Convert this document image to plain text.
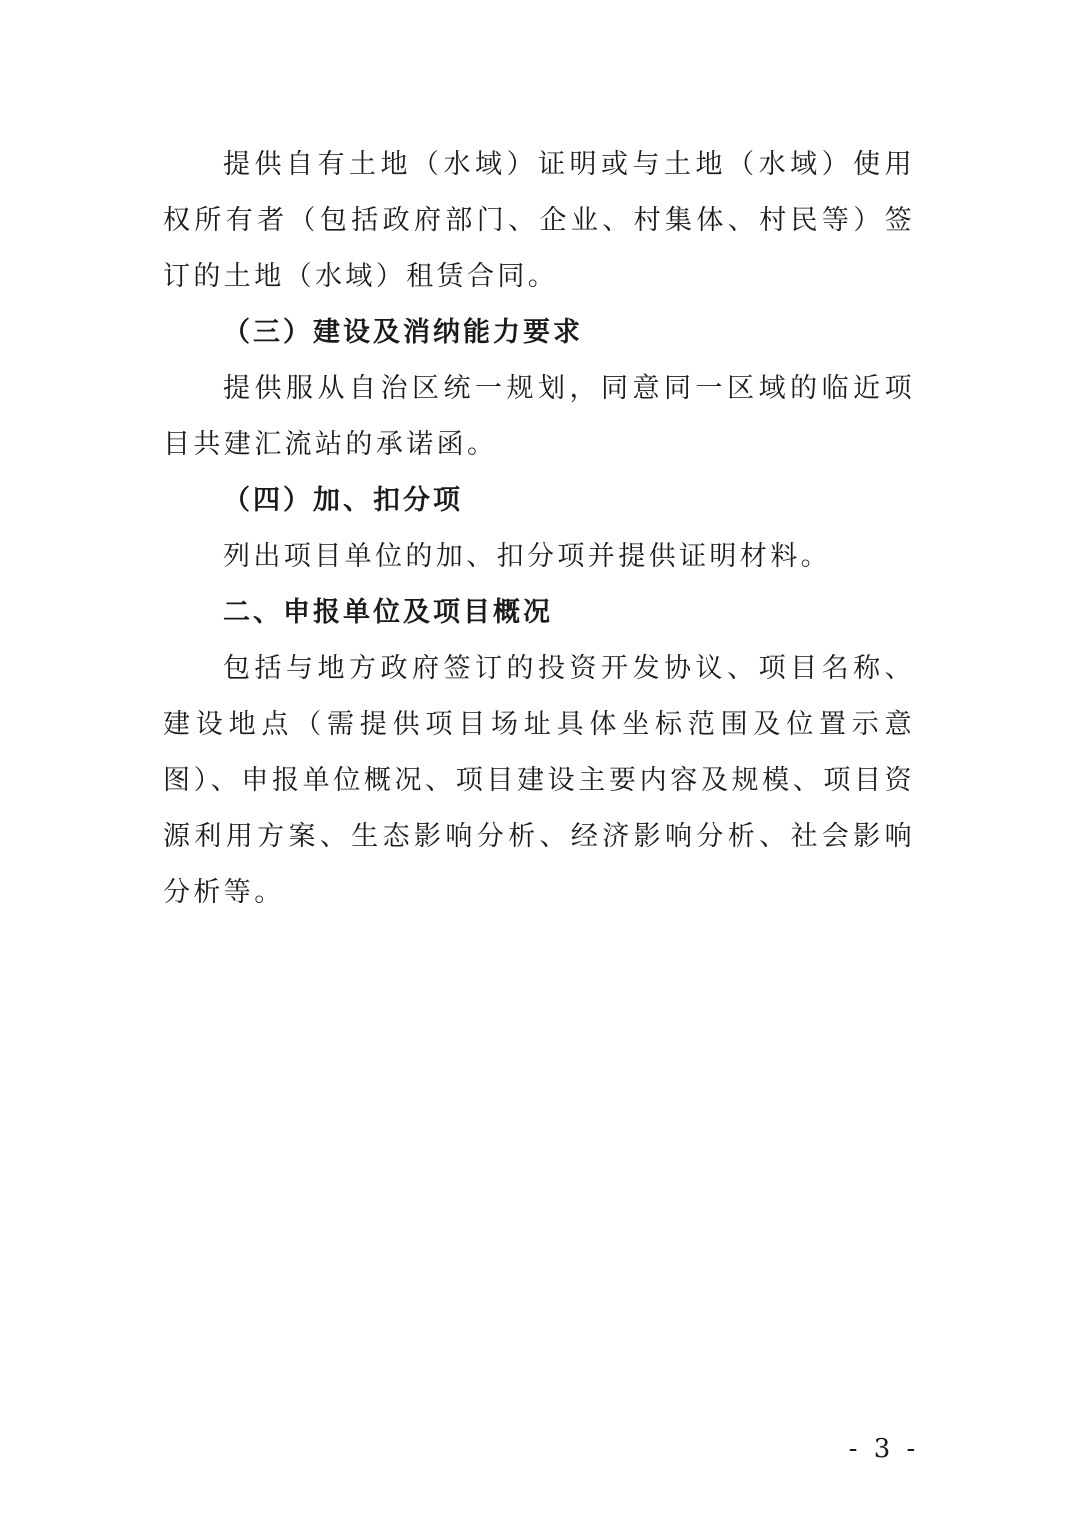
提供自有土地（水域）证明或与土地（水域）使用权所有者（包括政府部门、企业、村集体、村民等）签订的土地（水域）租赁合同。

（三）建设及消纳能力要求

提供服从自治区统一规划，同意同一区域的临近项目共建汇流站的承诺函。

（四）加、扣分项

列出项目单位的加、扣分项并提供证明材料。

二、申报单位及项目概况

包括与地方政府签订的投资开发协议、项目名称、建设地点（需提供项目场址具体坐标范围及位置示意图）、申报单位概况、项目建设主要内容及规模、项目资源利用方案、生态影响分析、经济影响分析、社会影响分析等。

- 3 -
